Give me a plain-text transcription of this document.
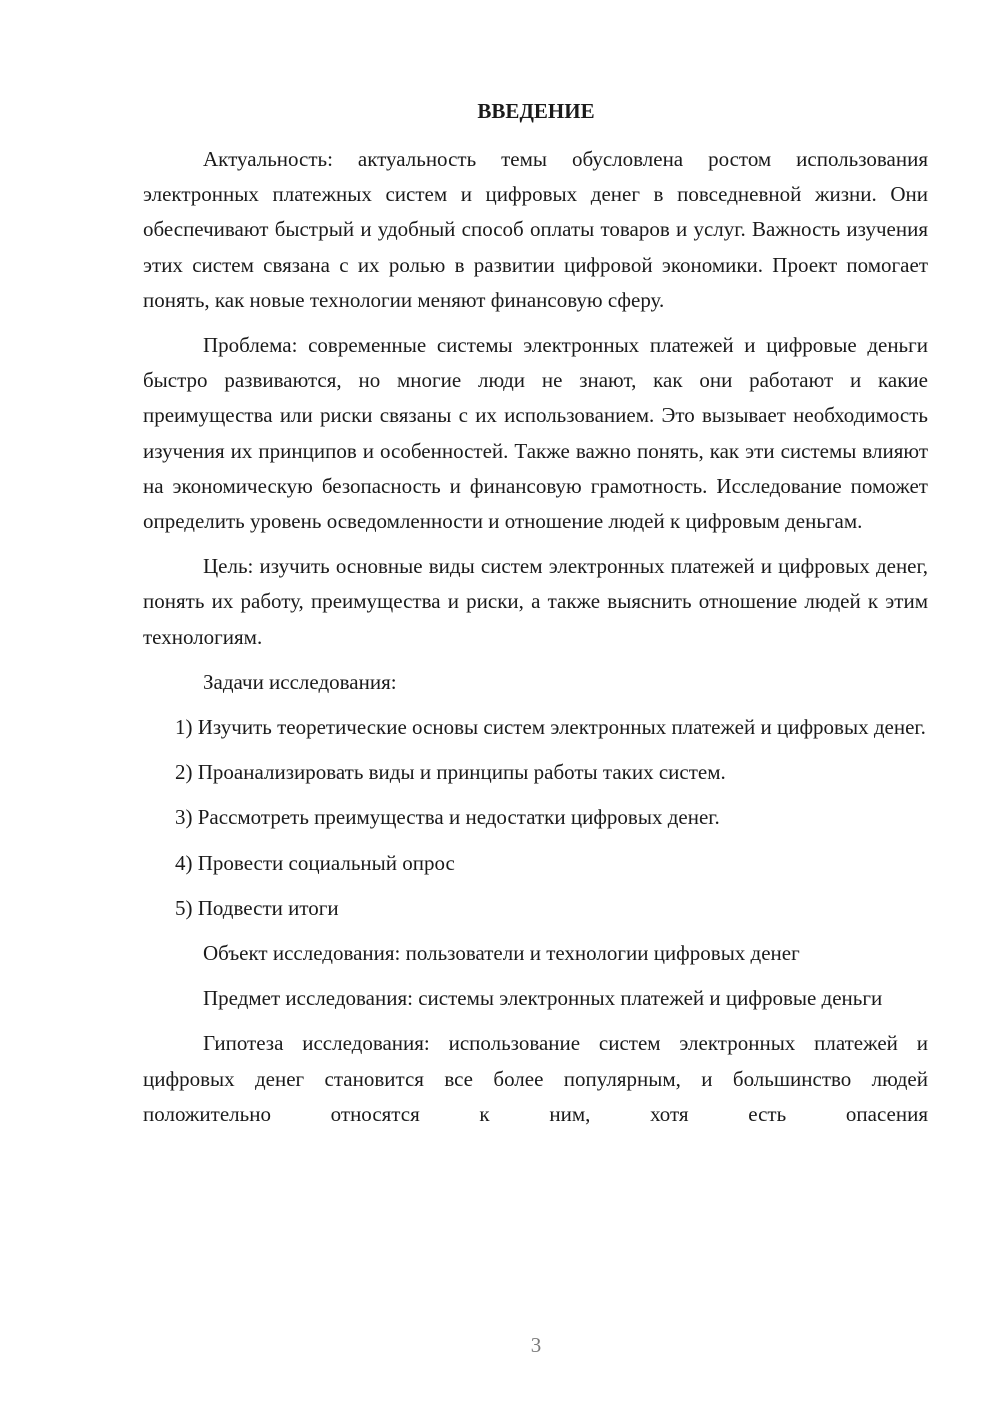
ВВЕДЕНИЕ

Актуальность: актуальность темы обусловлена ростом использования электронных платежных систем и цифровых денег в повседневной жизни. Они обеспечивают быстрый и удобный способ оплаты товаров и услуг. Важность изучения этих систем связана с их ролью в развитии цифровой экономики. Проект помогает понять, как новые технологии меняют финансовую сферу.

Проблема: современные системы электронных платежей и цифровые деньги быстро развиваются, но многие люди не знают, как они работают и какие преимущества или риски связаны с их использованием. Это вызывает необходимость изучения их принципов и особенностей. Также важно понять, как эти системы влияют на экономическую безопасность и финансовую грамотность. Исследование поможет определить уровень осведомленности и отношение людей к цифровым деньгам.

Цель: изучить основные виды систем электронных платежей и цифровых денег, понять их работу, преимущества и риски, а также выяснить отношение людей к этим технологиям.

Задачи исследования:

1) Изучить теоретические основы систем электронных платежей и цифровых денег.

2) Проанализировать виды и принципы работы таких систем.

3) Рассмотреть преимущества и недостатки цифровых денег.

4) Провести социальный опрос

5) Подвести итоги

Объект исследования: пользователи и технологии цифровых денег

Предмет исследования: системы электронных платежей и цифровые деньги

Гипотеза исследования: использование систем электронных платежей и цифровых денег становится все более популярным, и большинство людей положительно относятся к ним, хотя есть опасения

3
